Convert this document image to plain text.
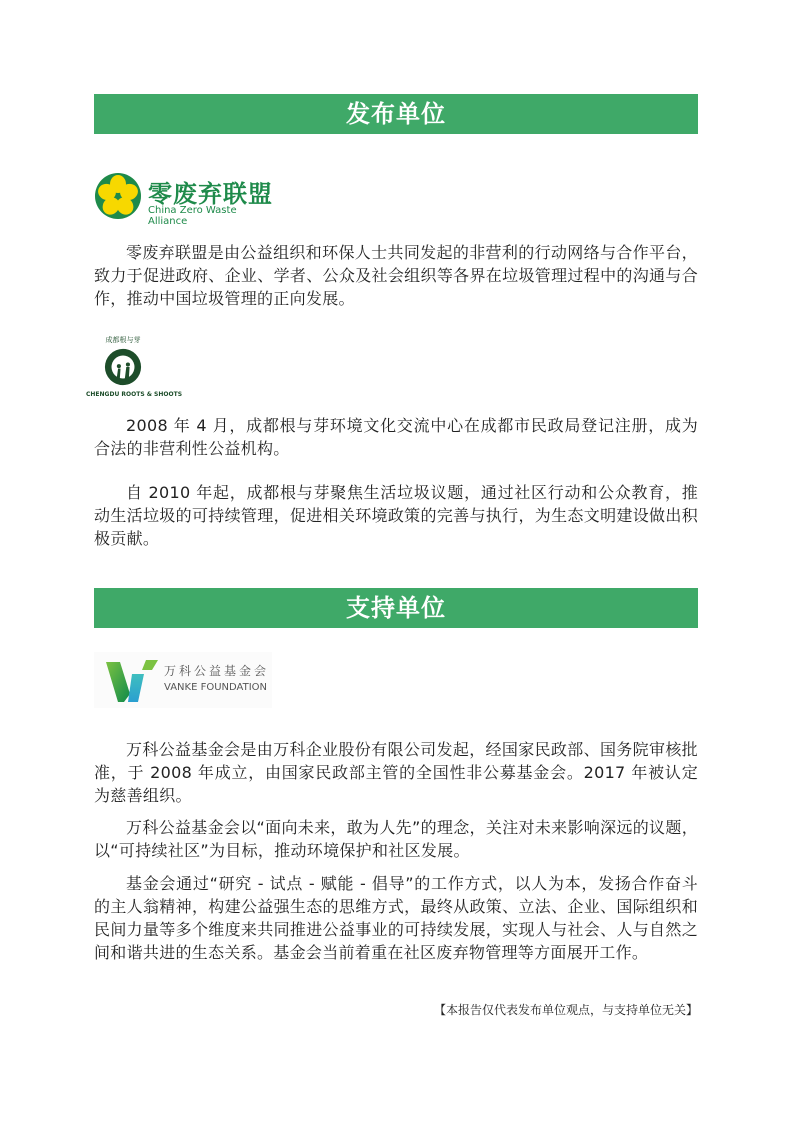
发布单位
零废弃联盟
China Zero Waste Alliance

零废弃联盟是由公益组织和环保人士共同发起的非营利的行动网络与合作平台，致力于促进政府、企业、学者、公众及社会组织等各界在垃圾管理过程中的沟通与合作，推动中国垃圾管理的正向发展。

成都根与芽
CHENGDU ROOTS & SHOOTS

2008 年 4 月，成都根与芽环境文化交流中心在成都市民政局登记注册，成为合法的非营利性公益机构。

自 2010 年起，成都根与芽聚焦生活垃圾议题，通过社区行动和公众教育，推动生活垃圾的可持续管理，促进相关环境政策的完善与执行，为生态文明建设做出积极贡献。

支持单位
万科公益基金会
VANKE FOUNDATION

万科公益基金会是由万科企业股份有限公司发起，经国家民政部、国务院审核批准，于 2008 年成立，由国家民政部主管的全国性非公募基金会。2017 年被认定为慈善组织。

万科公益基金会以“面向未来，敢为人先”的理念，关注对未来影响深远的议题，以“可持续社区”为目标，推动环境保护和社区发展。

基金会通过“研究 - 试点 - 赋能 - 倡导”的工作方式，以人为本，发扬合作奋斗的主人翁精神，构建公益强生态的思维方式，最终从政策、立法、企业、国际组织和民间力量等多个维度来共同推进公益事业的可持续发展，实现人与社会、人与自然之间和谐共进的生态关系。基金会当前着重在社区废弃物管理等方面展开工作。

【本报告仅代表发布单位观点，与支持单位无关】
